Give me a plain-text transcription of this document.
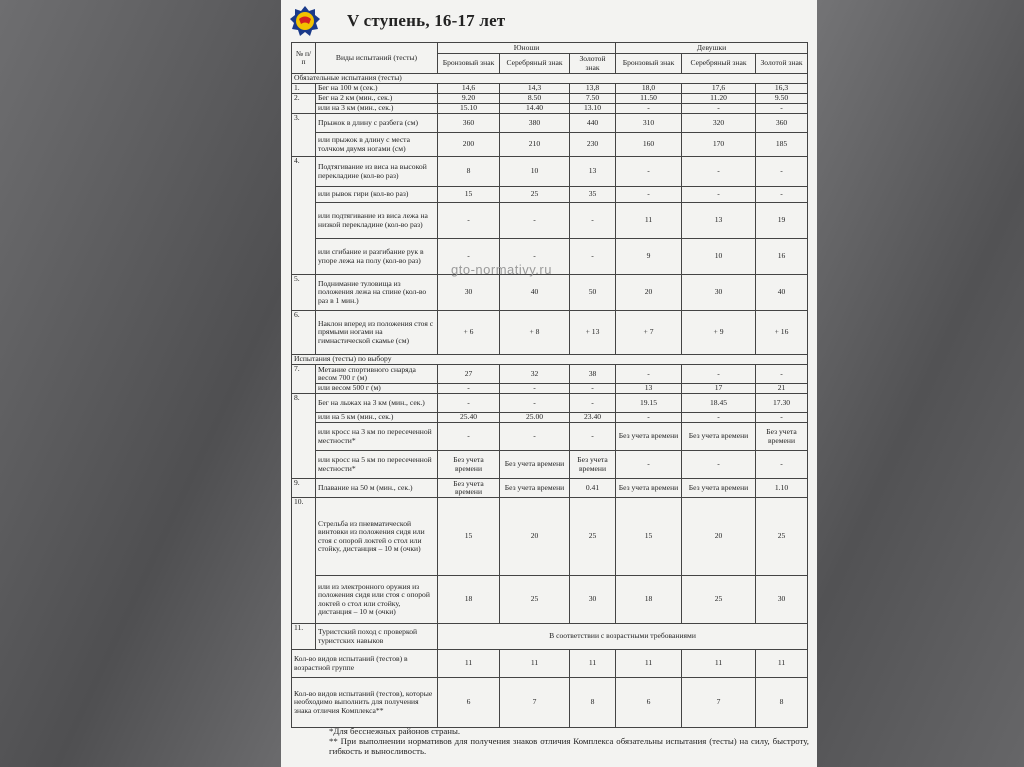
V ступень, 16-17 лет
№ п/п	Виды испытаний (тесты)	Юноши			Девушки		
		Бронзовый знак	Серебряный знак	Золотой знак	Бронзовый знак	Серебряный знак	Золотой знак
Обязательные испытания (тесты)							
1.	Бег на 100 м (сек.)	14,6	14,3	13,8	18,0	17,6	16,3
2.	Бег на 2 км (мин., сек.)	9.20	8.50	7.50	11.50	11.20	9.50
	или на 3 км (мин., сек.)	15.10	14.40	13.10	-	-	-
3.	Прыжок в длину с разбега (см)	360	380	440	310	320	360
	или прыжок в длину с места толчком двумя ногами (см)	200	210	230	160	170	185
4.	Подтягивание из виса на высокой перекладине (кол-во раз)	8	10	13	-	-	-
	или рывок гири (кол-во раз)	15	25	35	-	-	-
	или подтягивание из виса лежа на низкой перекладине (кол-во раз)	-	-	-	11	13	19
	или сгибание и разгибание рук в упоре лежа на полу (кол-во раз)	-	-	-	9	10	16
5.	Поднимание туловища из положения лежа на спине (кол-во раз в 1 мин.)	30	40	50	20	30	40
6.	Наклон вперед из положения стоя с прямыми ногами на гимнастической скамье (см)	+ 6	+ 8	+ 13	+ 7	+ 9	+ 16
Испытания (тесты) по выбору							
7.	Метание спортивного снаряда весом 700 г (м)	27	32	38	-	-	-
	или весом 500 г (м)	-	-	-	13	17	21
8.	Бег на лыжах на 3 км (мин., сек.)	-	-	-	19.15	18.45	17.30
	или на 5 км (мин., сек.)	25.40	25.00	23.40	-	-	-
	или кросс на 3 км по пересеченной местности*	-	-	-	Без учета времени	Без учета времени	Без учета времени
	или кросс на 5 км по пересеченной местности*	Без учета времени	Без учета времени	Без учета времени	-	-	-
9.	Плавание на 50 м (мин., сек.)	Без учета времени	Без учета времени	0.41	Без учета времени	Без учета времени	1.10
10.	Стрельба из пневматической винтовки из положения сидя или стоя с опорой локтей о стол или стойку, дистанция – 10 м (очки)	15	20	25	15	20	25
	или из электронного оружия из положения сидя или стоя с опорой локтей о стол или стойку, дистанция – 10 м (очки)	18	25	30	18	25	30
11.	Туристский поход с проверкой туристских навыков	В соответствии с возрастными требованиями					
Кол-во видов испытаний (тестов) в возрастной группе		11	11	11	11	11	11
Кол-во видов испытаний (тестов), которые необходимо выполнить для получения знака отличия Комплекса**		6	7	8	6	7	8
gto-normativy.ru
*Для бесснежных районов страны.
** При выполнении нормативов для получения знаков отличия Комплекса обязательны испытания (тесты) на силу, быстроту, гибкость и выносливость.
